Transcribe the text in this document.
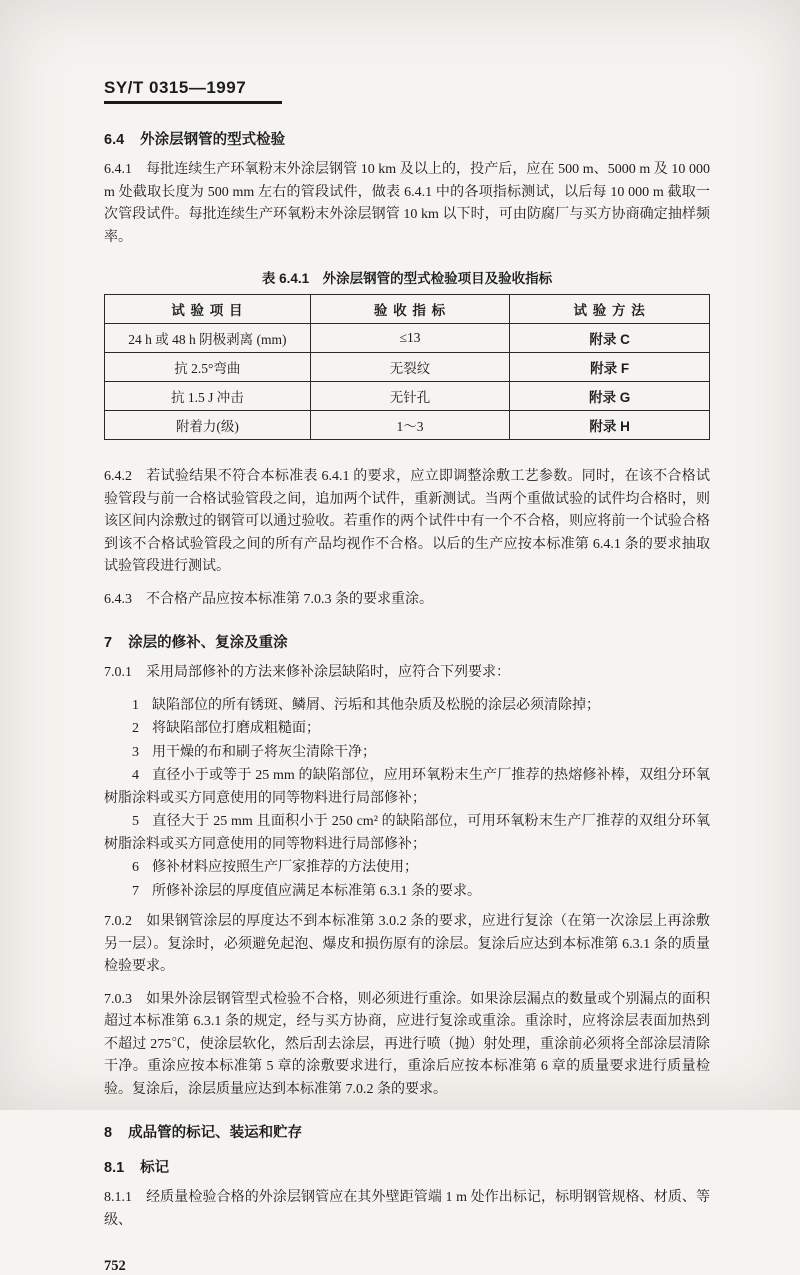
SY/T 0315—1997
6.4 外涂层钢管的型式检验

6.4.1 每批连续生产环氧粉末外涂层钢管 10 km 及以上的，投产后，应在 500 m、5000 m 及 10 000 m 处截取长度为 500 mm 左右的管段试件，做表 6.4.1 中的各项指标测试，以后每 10 000 m 截取一次管段试件。每批连续生产环氧粉末外涂层钢管 10 km 以下时，可由防腐厂与买方协商确定抽样频率。

表 6.4.1　外涂层钢管的型式检验项目及验收指标
试 验 项 目	验 收 指 标	试 验 方 法
24 h 或 48 h 阴极剥离 (mm)	≤13	附录 C
抗 2.5°弯曲	无裂纹	附录 F
抗 1.5 J 冲击	无针孔	附录 G
附着力(级)	1～3	附录 H

6.4.2 若试验结果不符合本标准表 6.4.1 的要求，应立即调整涂敷工艺参数。同时，在该不合格试验管段与前一合格试验管段之间，追加两个试件，重新测试。当两个重做试验的试件均合格时，则该区间内涂敷过的钢管可以通过验收。若重作的两个试件中有一个不合格，则应将前一个试验合格到该不合格试验管段之间的所有产品均视作不合格。以后的生产应按本标准第 6.4.1 条的要求抽取试验管段进行测试。

6.4.3 不合格产品应按本标准第 7.0.3 条的要求重涂。

7 涂层的修补、复涂及重涂

7.0.1 采用局部修补的方法来修补涂层缺陷时，应符合下列要求：

1 缺陷部位的所有锈斑、鳞屑、污垢和其他杂质及松脱的涂层必须清除掉；

2 将缺陷部位打磨成粗糙面；

3 用干燥的布和刷子将灰尘清除干净；

4 直径小于或等于 25 mm 的缺陷部位，应用环氧粉末生产厂推荐的热熔修补棒，双组分环氧树脂涂料或买方同意使用的同等物料进行局部修补；

5 直径大于 25 mm 且面积小于 250 cm² 的缺陷部位，可用环氧粉末生产厂推荐的双组分环氧树脂涂料或买方同意使用的同等物料进行局部修补；

6 修补材料应按照生产厂家推荐的方法使用；

7 所修补涂层的厚度值应满足本标准第 6.3.1 条的要求。

7.0.2 如果钢管涂层的厚度达不到本标准第 3.0.2 条的要求，应进行复涂（在第一次涂层上再涂敷另一层）。复涂时，必须避免起泡、爆皮和损伤原有的涂层。复涂后应达到本标准第 6.3.1 条的质量检验要求。

7.0.3 如果外涂层钢管型式检验不合格，则必须进行重涂。如果涂层漏点的数量或个别漏点的面积超过本标准第 6.3.1 条的规定，经与买方协商，应进行复涂或重涂。重涂时，应将涂层表面加热到不超过 275℃，使涂层软化，然后刮去涂层，再进行喷（抛）射处理，重涂前必须将全部涂层清除干净。重涂应按本标准第 5 章的涂敷要求进行，重涂后应按本标准第 6 章的质量要求进行质量检验。复涂后，涂层质量应达到本标准第 7.0.2 条的要求。

8 成品管的标记、装运和贮存
8.1 标记

8.1.1 经质量检验合格的外涂层钢管应在其外壁距管端 1 m 处作出标记，标明钢管规格、材质、等级、

752
